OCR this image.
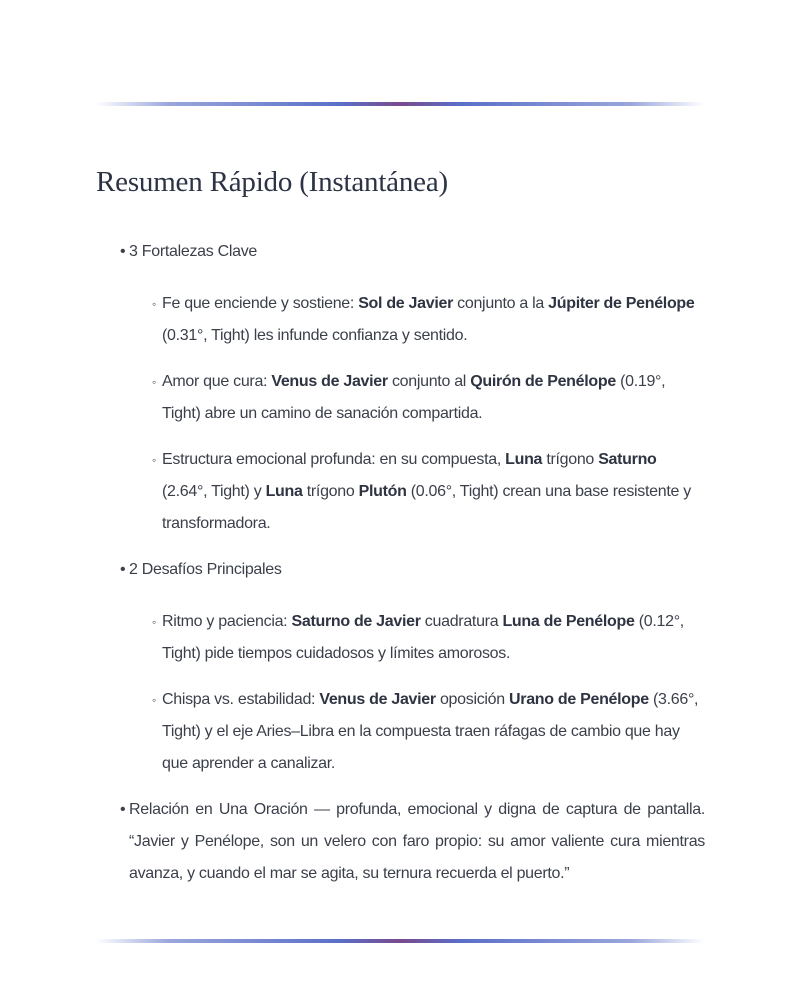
Resumen Rápido (Instantánea)
• 3 Fortalezas Clave
◦ Fe que enciende y sostiene: Sol de Javier conjunto a la Júpiter de Penélope (0.31°, Tight) les infunde confianza y sentido.
◦ Amor que cura: Venus de Javier conjunto al Quirón de Penélope (0.19°, Tight) abre un camino de sanación compartida.
◦ Estructura emocional profunda: en su compuesta, Luna trígono Saturno (2.64°, Tight) y Luna trígono Plutón (0.06°, Tight) crean una base resistente y transformadora.
• 2 Desafíos Principales
◦ Ritmo y paciencia: Saturno de Javier cuadratura Luna de Penélope (0.12°, Tight) pide tiempos cuidadosos y límites amorosos.
◦ Chispa vs. estabilidad: Venus de Javier oposición Urano de Penélope (3.66°, Tight) y el eje Aries–Libra en la compuesta traen ráfagas de cambio que hay que aprender a canalizar.
• Relación en Una Oración — profunda, emocional y digna de captura de pantalla. “Javier y Penélope, son un velero con faro propio: su amor valiente cura mientras avanza, y cuando el mar se agita, su ternura recuerda el puerto.”
